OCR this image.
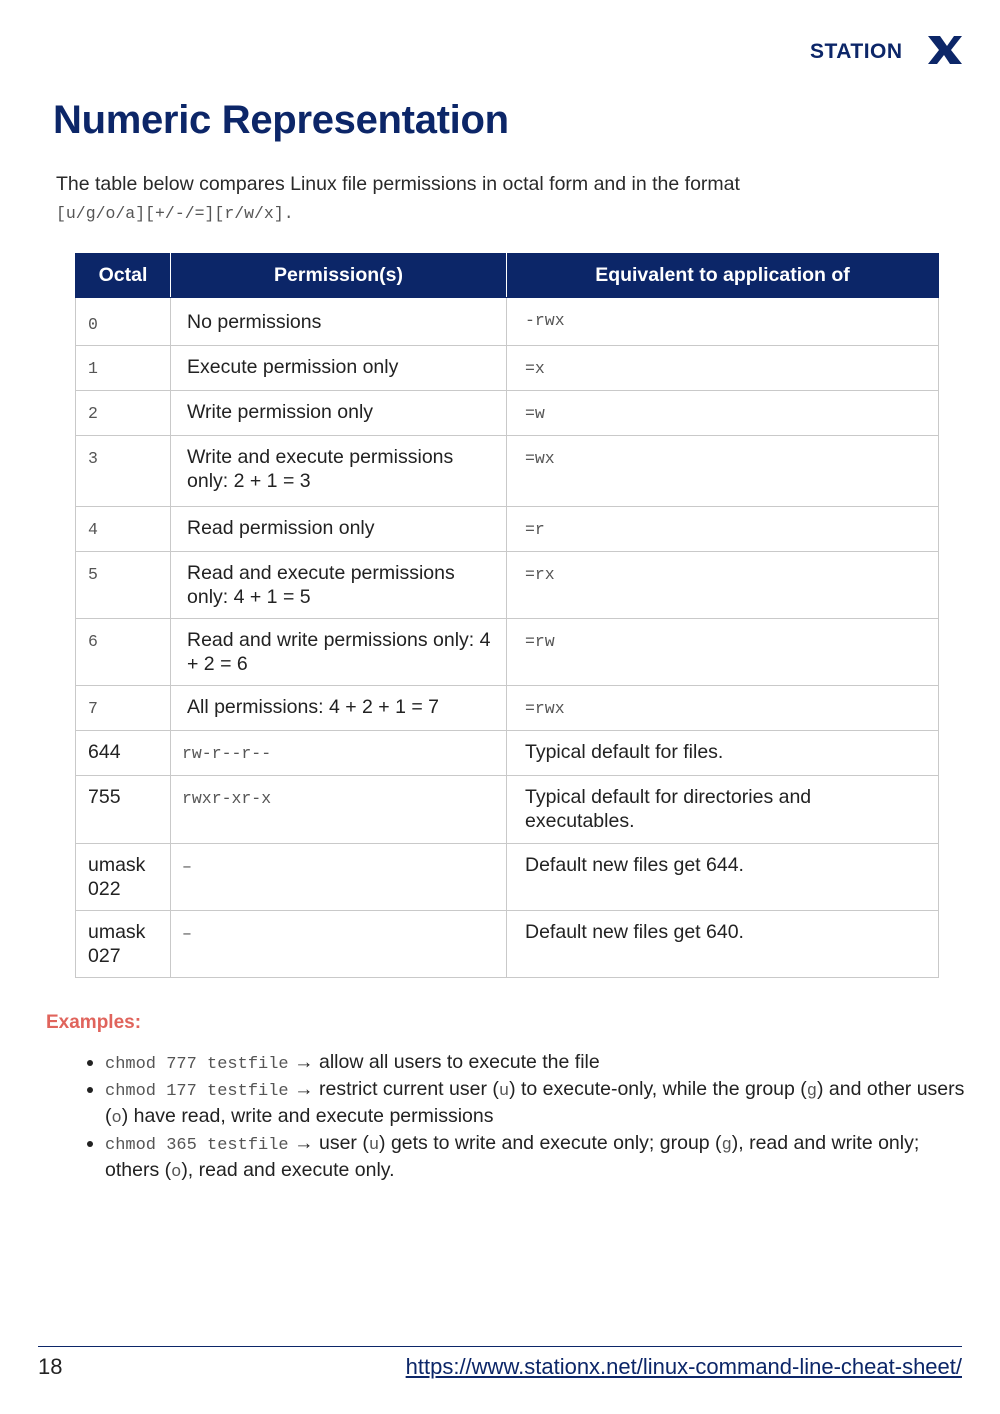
STATION
Numeric Representation
The table below compares Linux file permissions in octal form and in the format
[u/g/o/a][+/-/=][r/w/x].
Octal	Permission(s)	Equivalent to application of
$_0$	No permissions	-rwx
1	Execute permission only	=x
2	Write permission only	=w
3	Write and execute permissions only: 2 + 1 = 3	=wx
4	Read permission only	=r
5	Read and execute permissions only: 4 + 1 = 5	=rx
6	Read and write permissions only: 4 + 2 = 6	=rw
7	All permissions: 4 + 2 + 1 = 7	=rwx
644	rw-r--r--	Typical default for files.
755	rwxr-xr-x	Typical default for directories and executables.
umask 022	–	Default new files get 644.
umask 027	–	Default new files get 640.
Examples:
• chmod 777 testfile → allow all users to execute the file
• chmod 177 testfile → restrict current user (u) to execute-only, while the group (g) and other users (o) have read, write and execute permissions
• chmod 365 testfile → user (u) gets to write and execute only; group (g), read and write only; others (o), read and execute only.
18	https://www.stationx.net/linux-command-line-cheat-sheet/
